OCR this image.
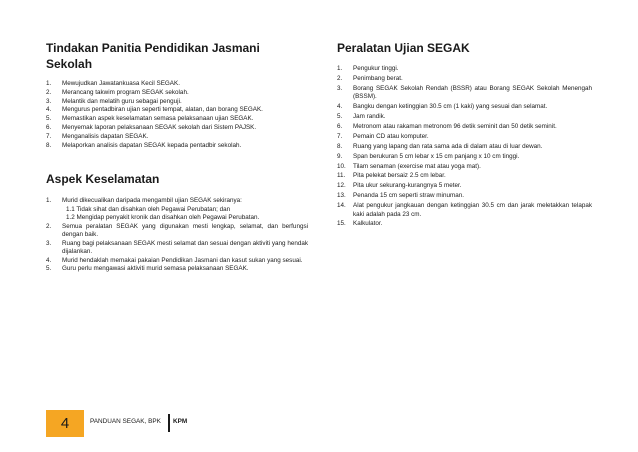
Tindakan Panitia Pendidikan Jasmani Sekolah
1. Mewujudkan Jawatankuasa Kecil SEGAK.
2. Merancang takwim program SEGAK sekolah.
3. Melantik dan melatih guru sebagai penguji.
4. Mengurus pentadbiran ujian seperti tempat, alatan, dan borang SEGAK.
5. Memastikan aspek keselamatan semasa pelaksanaan ujian SEGAK.
6. Menyemak laporan pelaksanaan SEGAK sekolah dari Sistem PAJSK.
7. Menganalisis dapatan SEGAK.
8. Melaporkan analisis dapatan SEGAK kepada pentadbir sekolah.
Aspek Keselamatan
1. Murid dikecualikan daripada mengambil ujian SEGAK sekiranya:
1.1 Tidak sihat dan disahkan oleh Pegawai Perubatan; dan
1.2 Mengidap penyakit kronik dan disahkan oleh Pegawai Perubatan.
2. Semua peralatan SEGAK yang digunakan mesti lengkap, selamat, dan berfungsi dengan baik.
3. Ruang bagi pelaksanaan SEGAK mesti selamat dan sesuai dengan aktiviti yang hendak dijalankan.
4. Murid hendaklah memakai pakaian Pendidikan Jasmani dan kasut sukan yang sesuai.
5. Guru perlu mengawasi aktiviti murid semasa pelaksanaan SEGAK.
Peralatan Ujian SEGAK
1. Pengukur tinggi.
2. Penimbang berat.
3. Borang SEGAK Sekolah Rendah (BSSR) atau Borang SEGAK Sekolah Menengah (BSSM).
4. Bangku dengan ketinggian 30.5 cm (1 kaki) yang sesuai dan selamat.
5. Jam randik.
6. Metronom atau rakaman metronom 96 detik seminit dan 50 detik seminit.
7. Pemain CD atau komputer.
8. Ruang yang lapang dan rata sama ada di dalam atau di luar dewan.
9. Span berukuran 5 cm lebar x 15 cm panjang x 10 cm tinggi.
10. Tilam senaman (exercise mat atau yoga mat).
11. Pita pelekat bersaiz 2.5 cm lebar.
12. Pita ukur sekurang-kurangnya 5 meter.
13. Penanda 15 cm seperti straw minuman.
14. Alat pengukur jangkauan dengan ketinggian 30.5 cm dan jarak meletakkan telapak kaki adalah pada 23 cm.
15. Kalkulator.
4	PANDUAN SEGAK, BPK KPM
